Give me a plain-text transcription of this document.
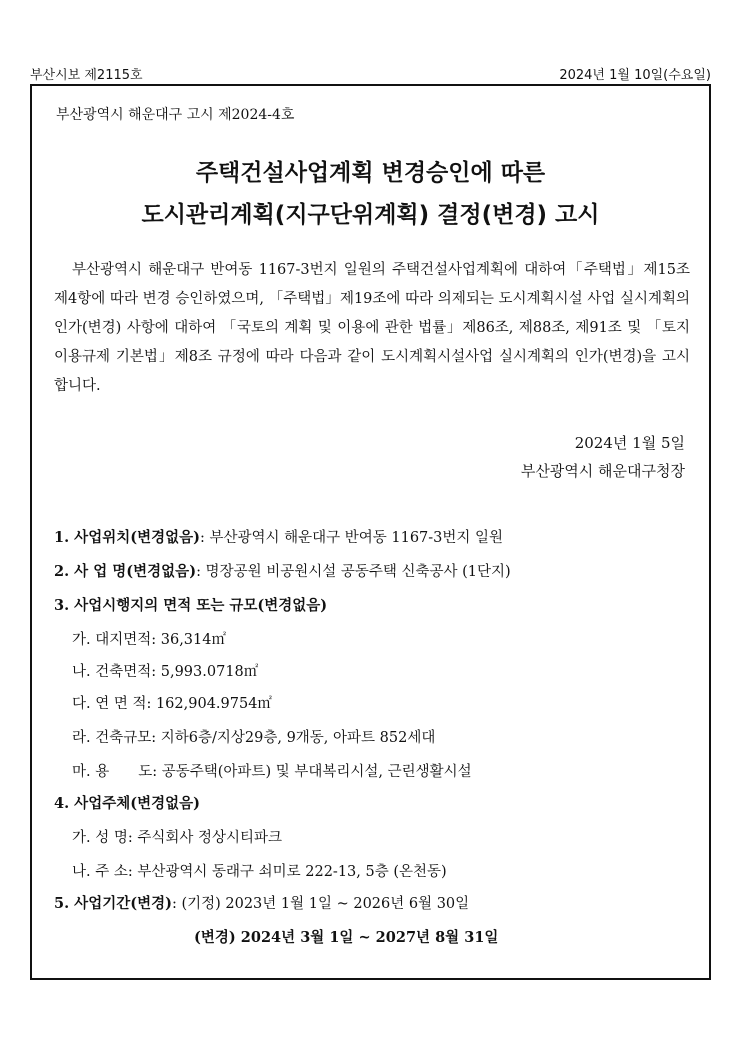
부산시보 제2115호	2024년 1월 10일(수요일)
부산광역시 해운대구 고시 제2024-4호
주택건설사업계획 변경승인에 따른
도시관리계획(지구단위계획) 결정(변경) 고시

부산광역시 해운대구 반여동 1167-3번지 일원의 주택건설사업계획에 대하여「주택법」제15조 제4항에 따라 변경 승인하였으며, 「주택법」제19조에 따라 의제되는 도시계획시설 사업 실시계획의 인가(변경) 사항에 대하여 「국토의 계획 및 이용에 관한 법률」제86조, 제88조, 제91조 및 「토지이용규제 기본법」제8조 규정에 따라 다음과 같이 도시계획시설사업 실시계획의 인가(변경)을 고시합니다.

2024년 1월 5일
부산광역시 해운대구청장
1. 사업위치(변경없음): 부산광역시 해운대구 반여동 1167-3번지 일원
2. 사 업 명(변경없음): 명장공원 비공원시설 공동주택 신축공사 (1단지)
3. 사업시행지의 면적 또는 규모(변경없음)
가. 대지면적: 36,314㎡
나. 건축면적: 5,993.0718㎡
다. 연 면 적: 162,904.9754㎡
라. 건축규모: 지하6층/지상29층, 9개동, 아파트 852세대
마. 용　　도: 공동주택(아파트) 및 부대복리시설, 근린생활시설
4. 사업주체(변경없음)
가. 성 명: 주식회사 정상시티파크
나. 주 소: 부산광역시 동래구 쇠미로 222-13, 5층 (온천동)
5. 사업기간(변경): (기정) 2023년 1월 1일 ~ 2026년 6월 30일
(변경) 2024년 3월 1일 ~ 2027년 8월 31일
